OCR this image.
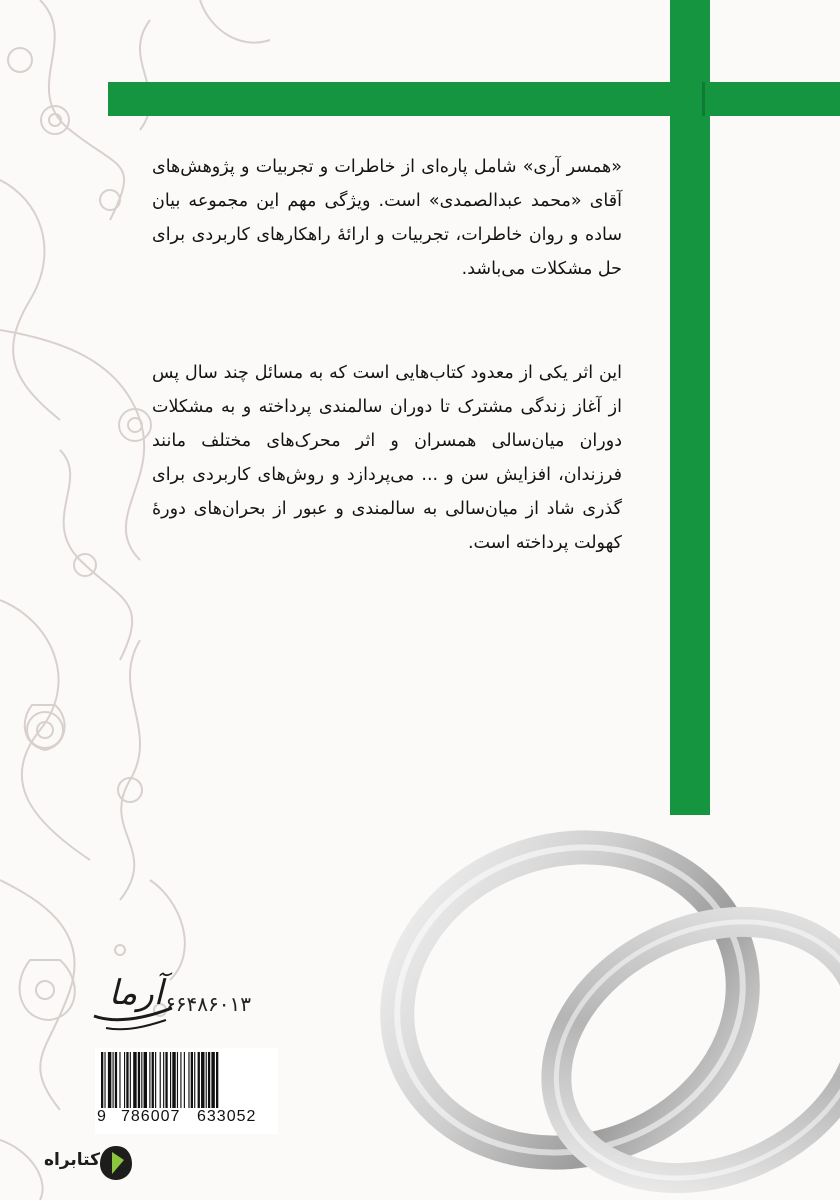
«همسر آری» شامل پاره‌ای از خاطرات و تجربیات و پژوهش‌های آقای «محمد عبدالصمدی» است. ویژگی مهم این مجموعه بیان ساده و روان خاطرات، تجربیات و ارائهٔ راهکارهای کاربردی برای حل مشکلات می‌باشد.

این اثر یکی از معدود کتاب‌هایی است که به مسائل چند سال پس از آغاز زندگی مشترک تا دوران سالمندی پرداخته و به مشکلات دوران میان‌سالی همسران و اثر محرک‌های مختلف مانند فرزندان، افزایش سن و ... می‌پردازد و روش‌های کاربردی برای گذری شاد از میان‌سالی به سالمندی و عبور از بحران‌های دورهٔ کهولت پرداخته است.

آرما ۶۶۴۸۶۰۱۳
9 786007 633052
کتابراه
